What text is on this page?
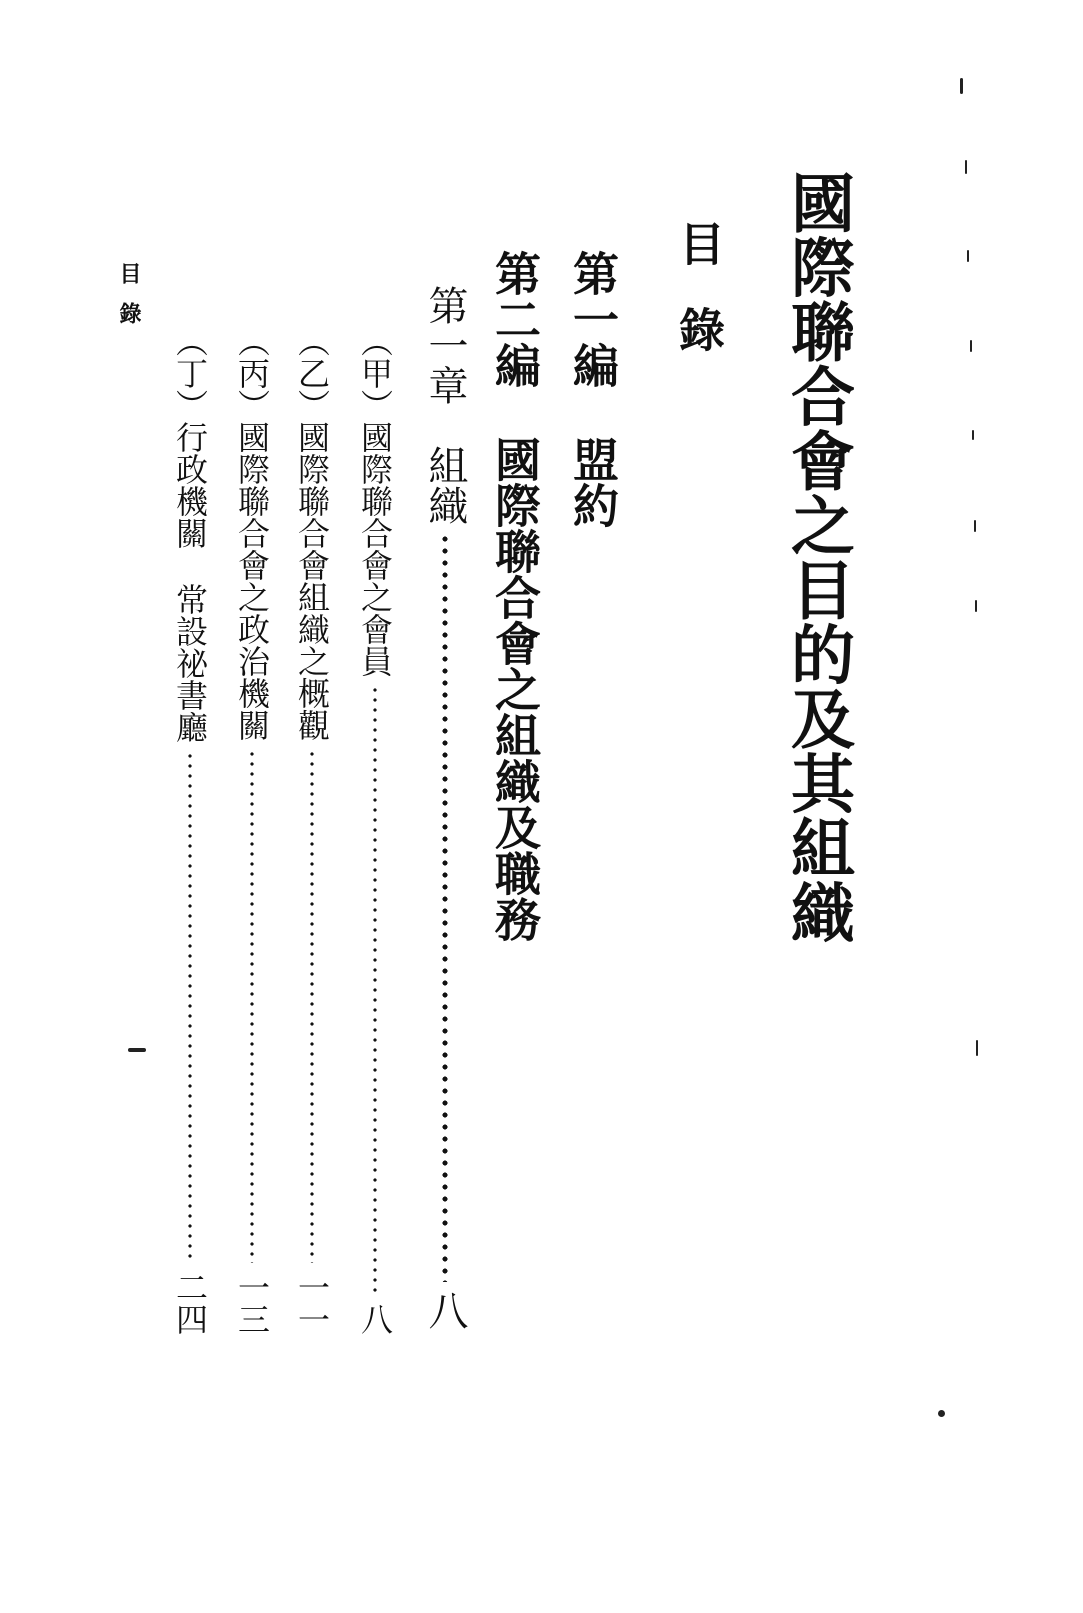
國際聯合會之目的及其組織
目錄
第一編盟約
第二編國際聯合會之組織及職務
第一章組織
八
︵甲︶國際聯合會之會員
八
︵乙︶國際聯合會組織之概觀
一一
︵丙︶國際聯合會之政治機關
一三
︵丁︶行政機關常設祕書廳
二四
目錄
